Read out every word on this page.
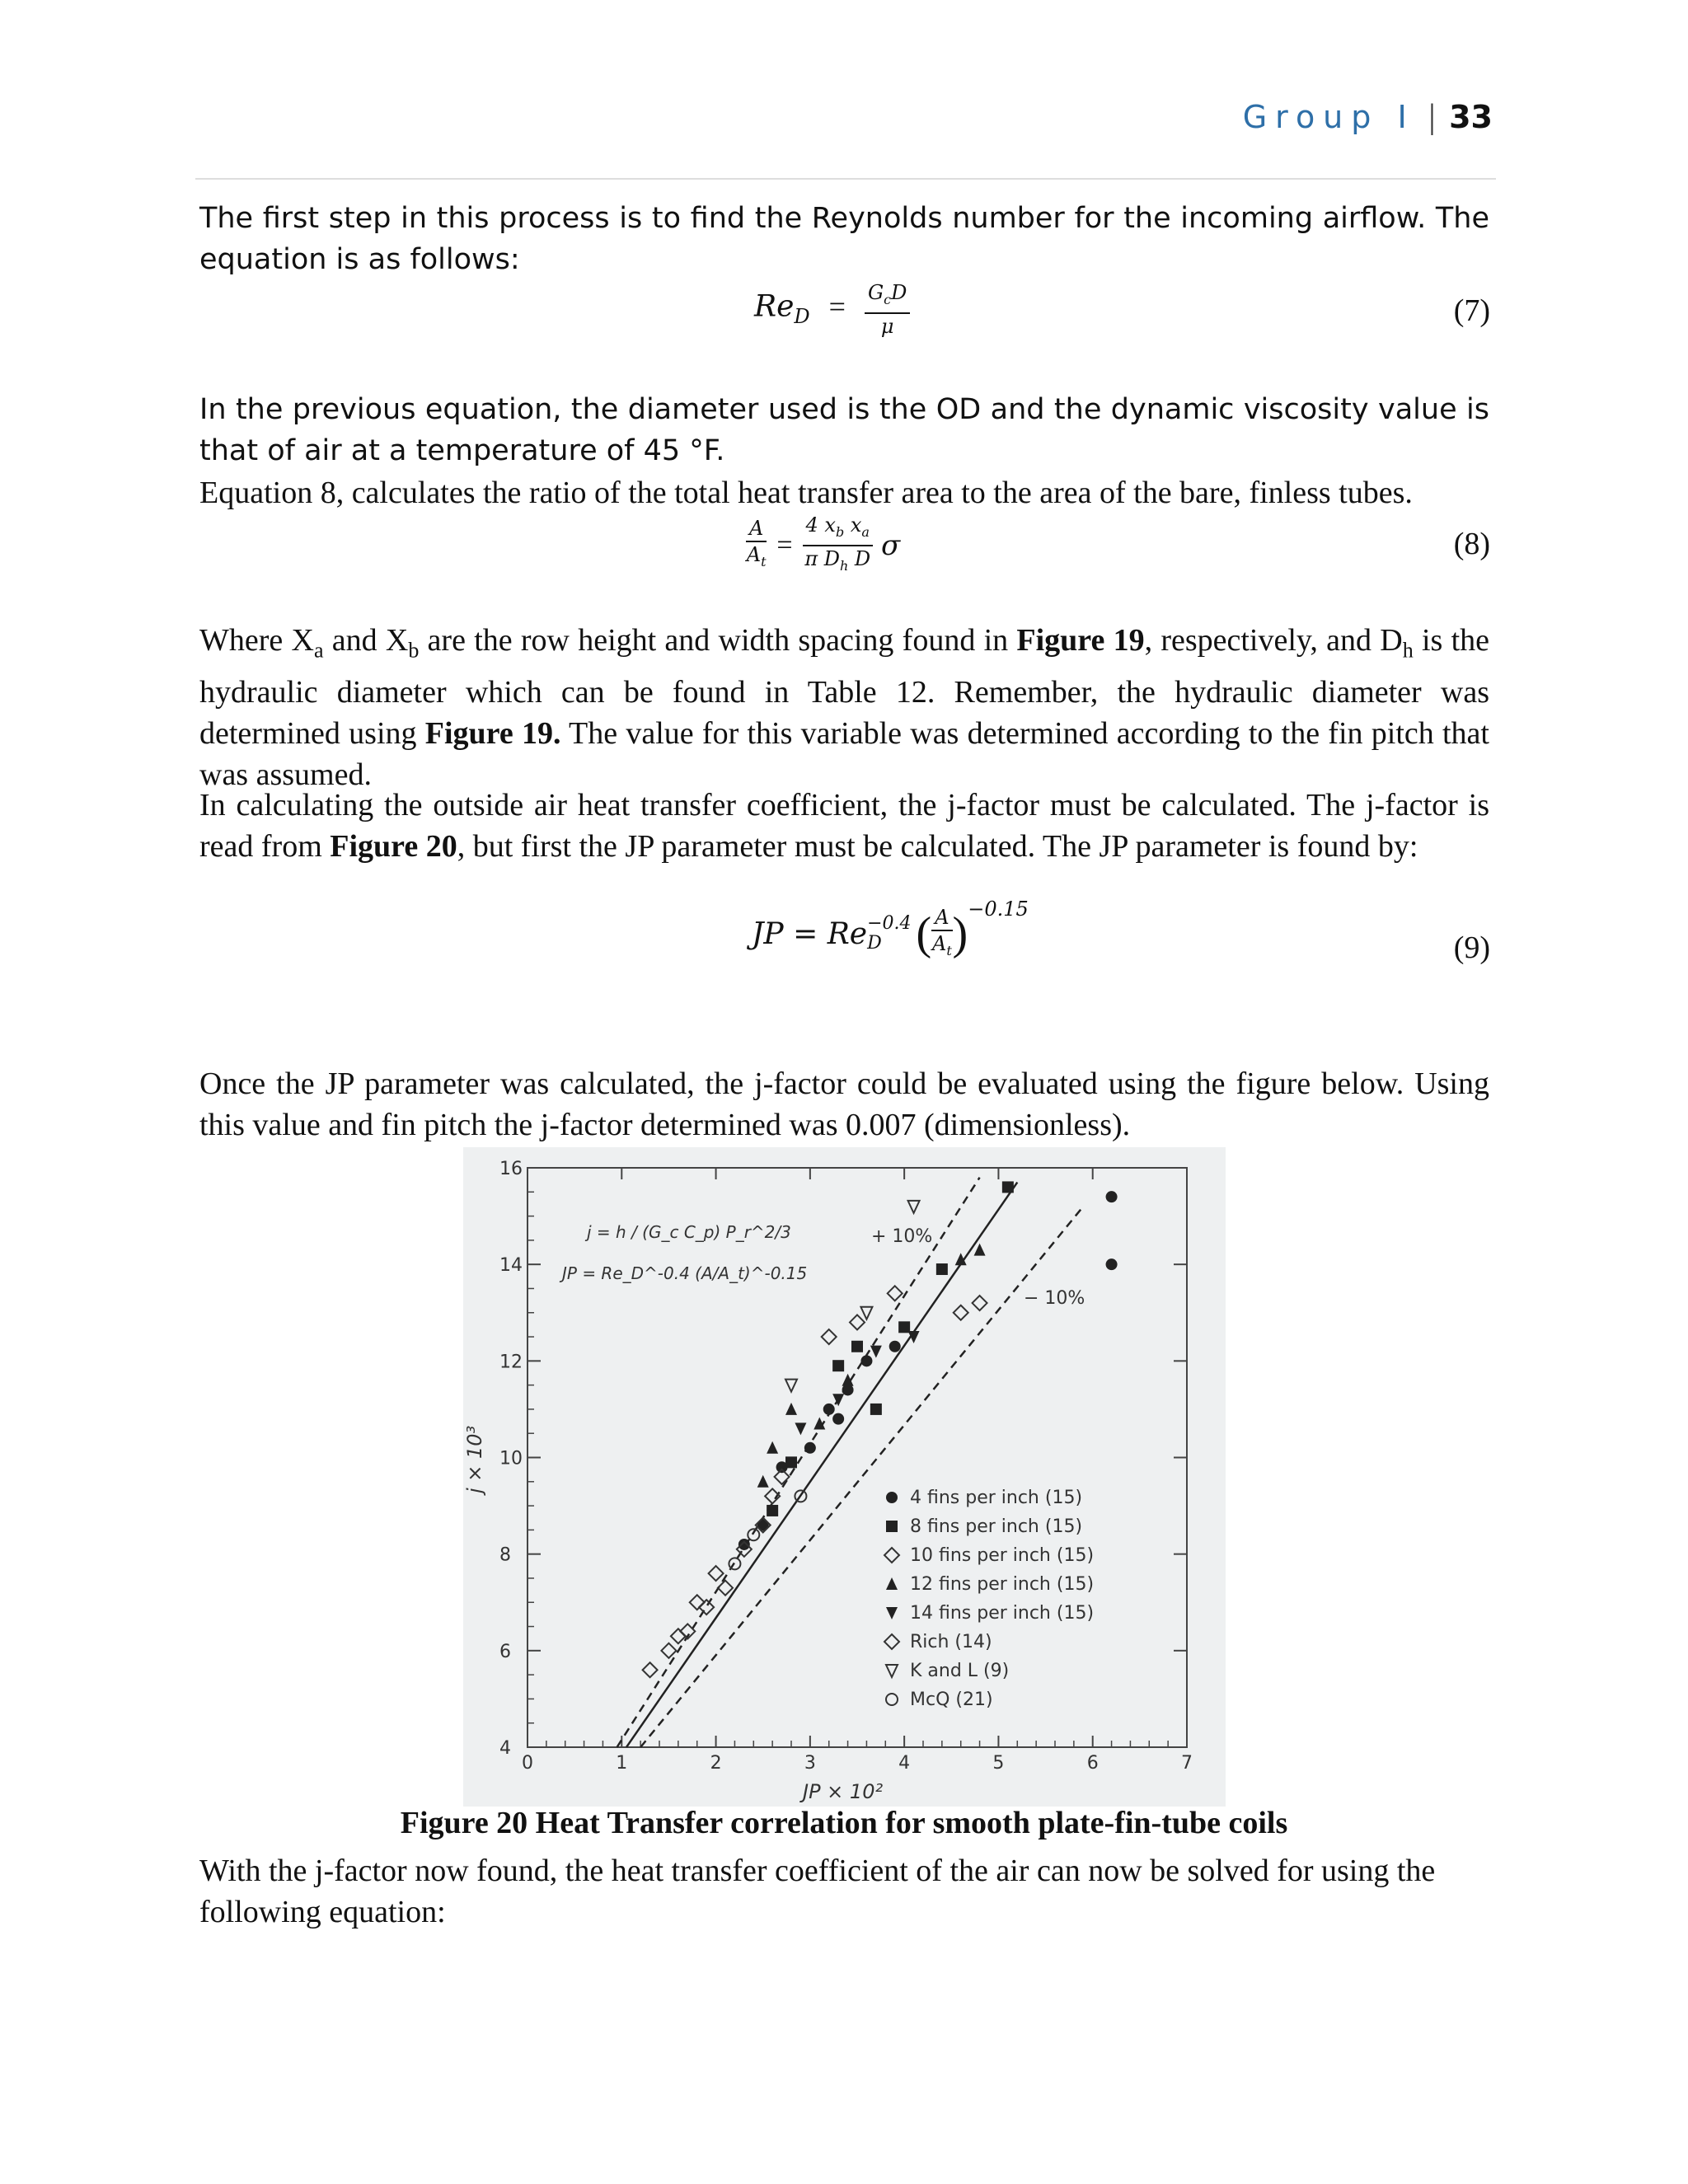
Group I | 33
The first step in this process is to find the Reynolds number for the incoming airflow. The equation is as follows:
$Re_D = \frac{G_cD}{\mu}$	(7)
In the previous equation, the diameter used is the OD and the dynamic viscosity value is that of air at a temperature of 45 °F.
Equation 8, calculates the ratio of the total heat transfer area to the area of the bare, finless tubes.
$\frac{A}{A_t} = \frac{4 x_b x_a}{\pi D_h D}$ σ	(8)
Where $X_a$ and $X_b$ are the row height and width spacing found in Figure 19, respectively, and $D_h$ is the hydraulic diameter which can be found in Table 12. Remember, the hydraulic diameter was determined using Figure 19. The value for this variable was determined according to the fin pitch that was assumed.
In calculating the outside air heat transfer coefficient, the j-factor must be calculated. The j-factor is read from Figure 20, but first the JP parameter must be calculated. The JP parameter is found by:
JP = Re −0.4
D ( $\frac{A}{A_t}$ ) −0.15
(9)
Once the JP parameter was calculated, the j-factor could be evaluated using the figure below. Using this value and fin pitch the j-factor determined was 0.007 (dimensionless).
0	1	2	3	4	5	6	7
4
6
8
10
12
14
16
JP × 10²
j × 10³
j = h / (G_c C_p) P_r^2/3
JP = Re_D^-0.4 (A/A_t)^-0.15
+ 10%
− 10%
4 fins per inch (15)
8 fins per inch (15)
10 fins per inch (15)
12 fins per inch (15)
14 fins per inch (15)
Rich (14)
K and L (9)
McQ (21)
Figure 20 Heat Transfer correlation for smooth plate-fin-tube coils
With the j-factor now found, the heat transfer coefficient of the air can now be solved for using the following equation:
